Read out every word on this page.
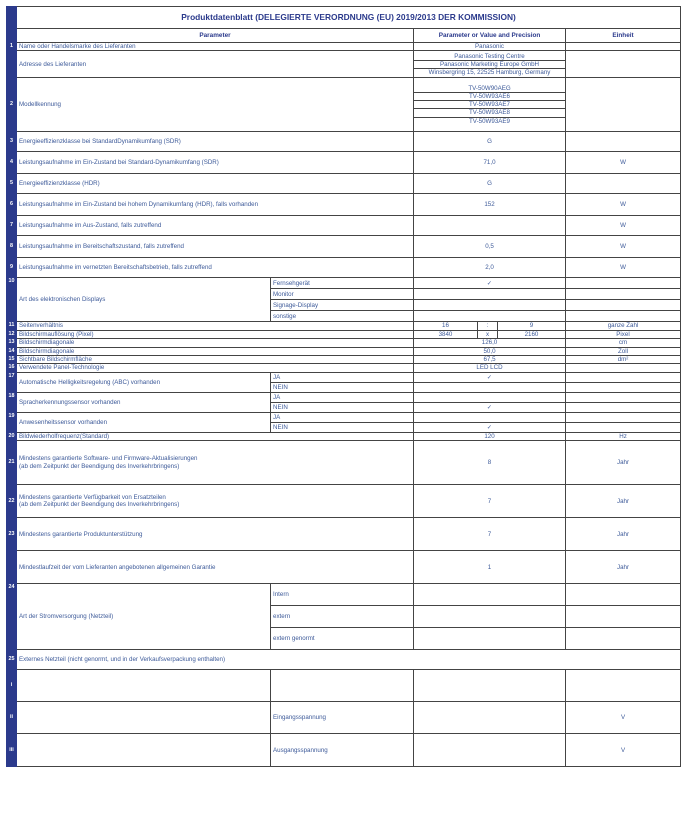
	Produktdatenblatt (DELEGIERTE VERORDNUNG (EU) 2019/2013 DER KOMMISSION)					
	Parameter		Parameter or Value and Precision			Einheit
1	Name oder Handelsmarke des Lieferanten		Panasonic			
	Adresse des Lieferanten		Panasonic Testing Centre
Panasonic Marketing Europe GmbH
Winsbergring 15, 22525 Hamburg, Germany			

2	Modellkennung		TV-50W90AEG
TV-50W93AE6
TV-50W93AE7
TV-50W93AE8
TV-50W93AE9			

3	Energieeffizienzklasse bei StandardDynamikumfang (SDR)		G			
4	Leistungsaufnahme im Ein-Zustand bei Standard-Dynamikumfang (SDR)		71,0			W
5	Energieeffizienzklasse (HDR)		G			
6	Leistungsaufnahme im Ein-Zustand bei hohem Dynamikumfang (HDR), falls vorhanden		152			W
7	Leistungsaufnahme im Aus-Zustand, falls zutreffend					W
8	Leistungsaufnahme im Bereitschaftszustand, falls zutreffend		0,5			W
9	Leistungsaufnahme im vernetzten Bereitschaftsbetrieb, falls zutreffend		2,0			W
10	Art des elektronischen Displays	Fernsehgerät	✓			
		Monitor				
		Signage-Display				
		sonstige				
11	Seitenverhältnis		16	:	9	ganze Zahl
12	Bildschirmauflösung (Pixel)		3840	x	2160	Pixel
13	Bildschirmdiagonale		126,0			cm
14	Bildschirmdiagonale		50,0			Zoll
15	Sichtbare Bildschirmfläche		67,5			dm²
16	Verwendete Panel-Technologie		LED LCD			
17	Automatische Helligkeitsregelung (ABC) vorhanden	JA	✓			
		NEIN				
18	Spracherkennungssensor vorhanden	JA				
		NEIN	✓			
19	Anwesenheitssensor vorhanden	JA				
		NEIN	✓			
20	Bildwiederholfrequenz(Standard)		120			Hz
21	Mindestens garantierte Software- und Firmware-Aktualisierungen
(ab dem Zeitpunkt der Beendigung des Inverkehrbringens)		8			Jahr
22	Mindestens garantierte Verfügbarkeit von Ersatzteilen
(ab dem Zeitpunkt der Beendigung des Inverkehrbringens)		7			Jahr
23	Mindestens garantierte Produktunterstützung		7			Jahr
	Mindestlaufzeit der vom Lieferanten angebotenen allgemeinen Garantie		1			Jahr
24	Art der Stromversorgung (Netzteil)	Intern				
		extern				
		extern genormt				
25	Externes Netzteil (nicht genormt, und in der Verkaufsverpackung enthalten)					
i						
ii		Eingangsspannung				V
iii		Ausgangsspannung				V
